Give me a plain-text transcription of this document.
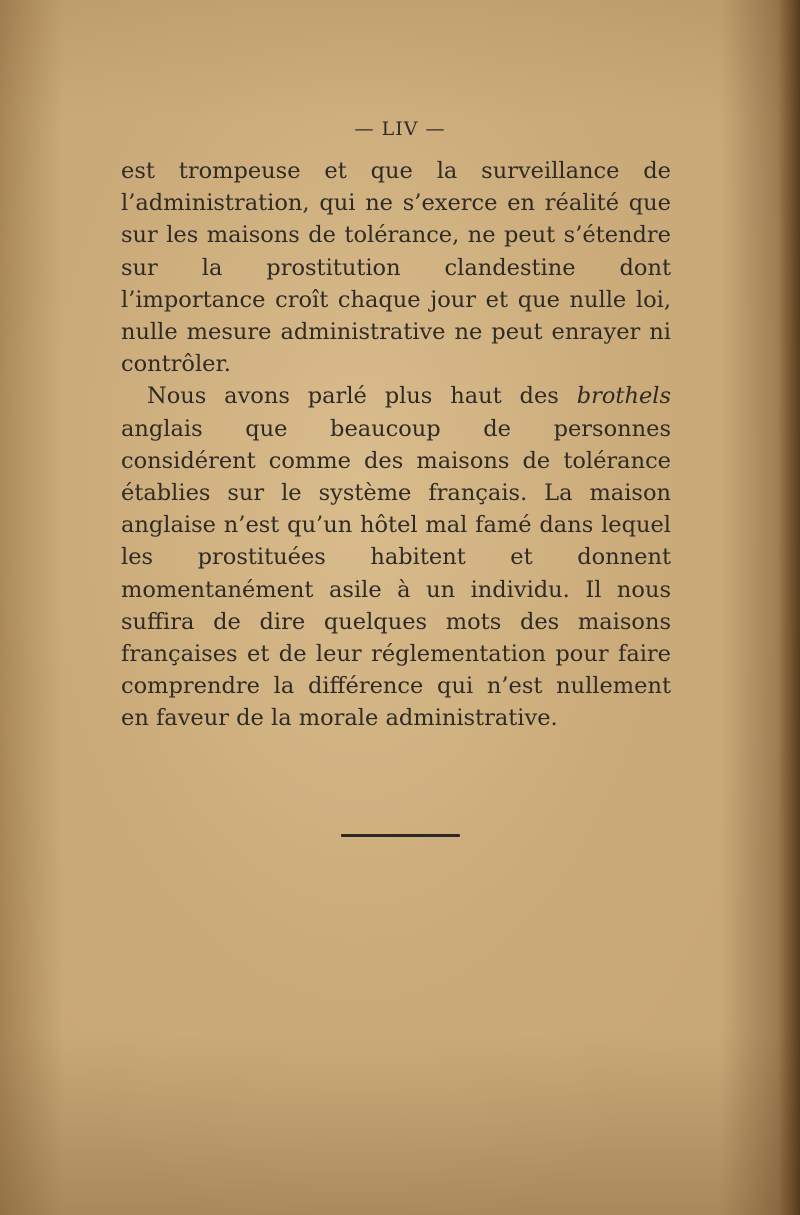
— LIV —

est trompeuse et que la surveillance de l’administration, qui ne s’exerce en réalité que sur les maisons de tolérance, ne peut s’étendre sur la prostitution clandestine dont l’importance croît chaque jour et que nulle loi, nulle mesure administrative ne peut enrayer ni contrôler.

Nous avons parlé plus haut des brothels anglais que beaucoup de personnes considérent comme des maisons de tolérance établies sur le système français. La maison anglaise n’est qu’un hôtel mal famé dans lequel les prostituées habitent et donnent momentanément asile à un individu. Il nous suffira de dire quelques mots des maisons françaises et de leur réglementation pour faire comprendre la différence qui n’est nullement en faveur de la morale administrative.
